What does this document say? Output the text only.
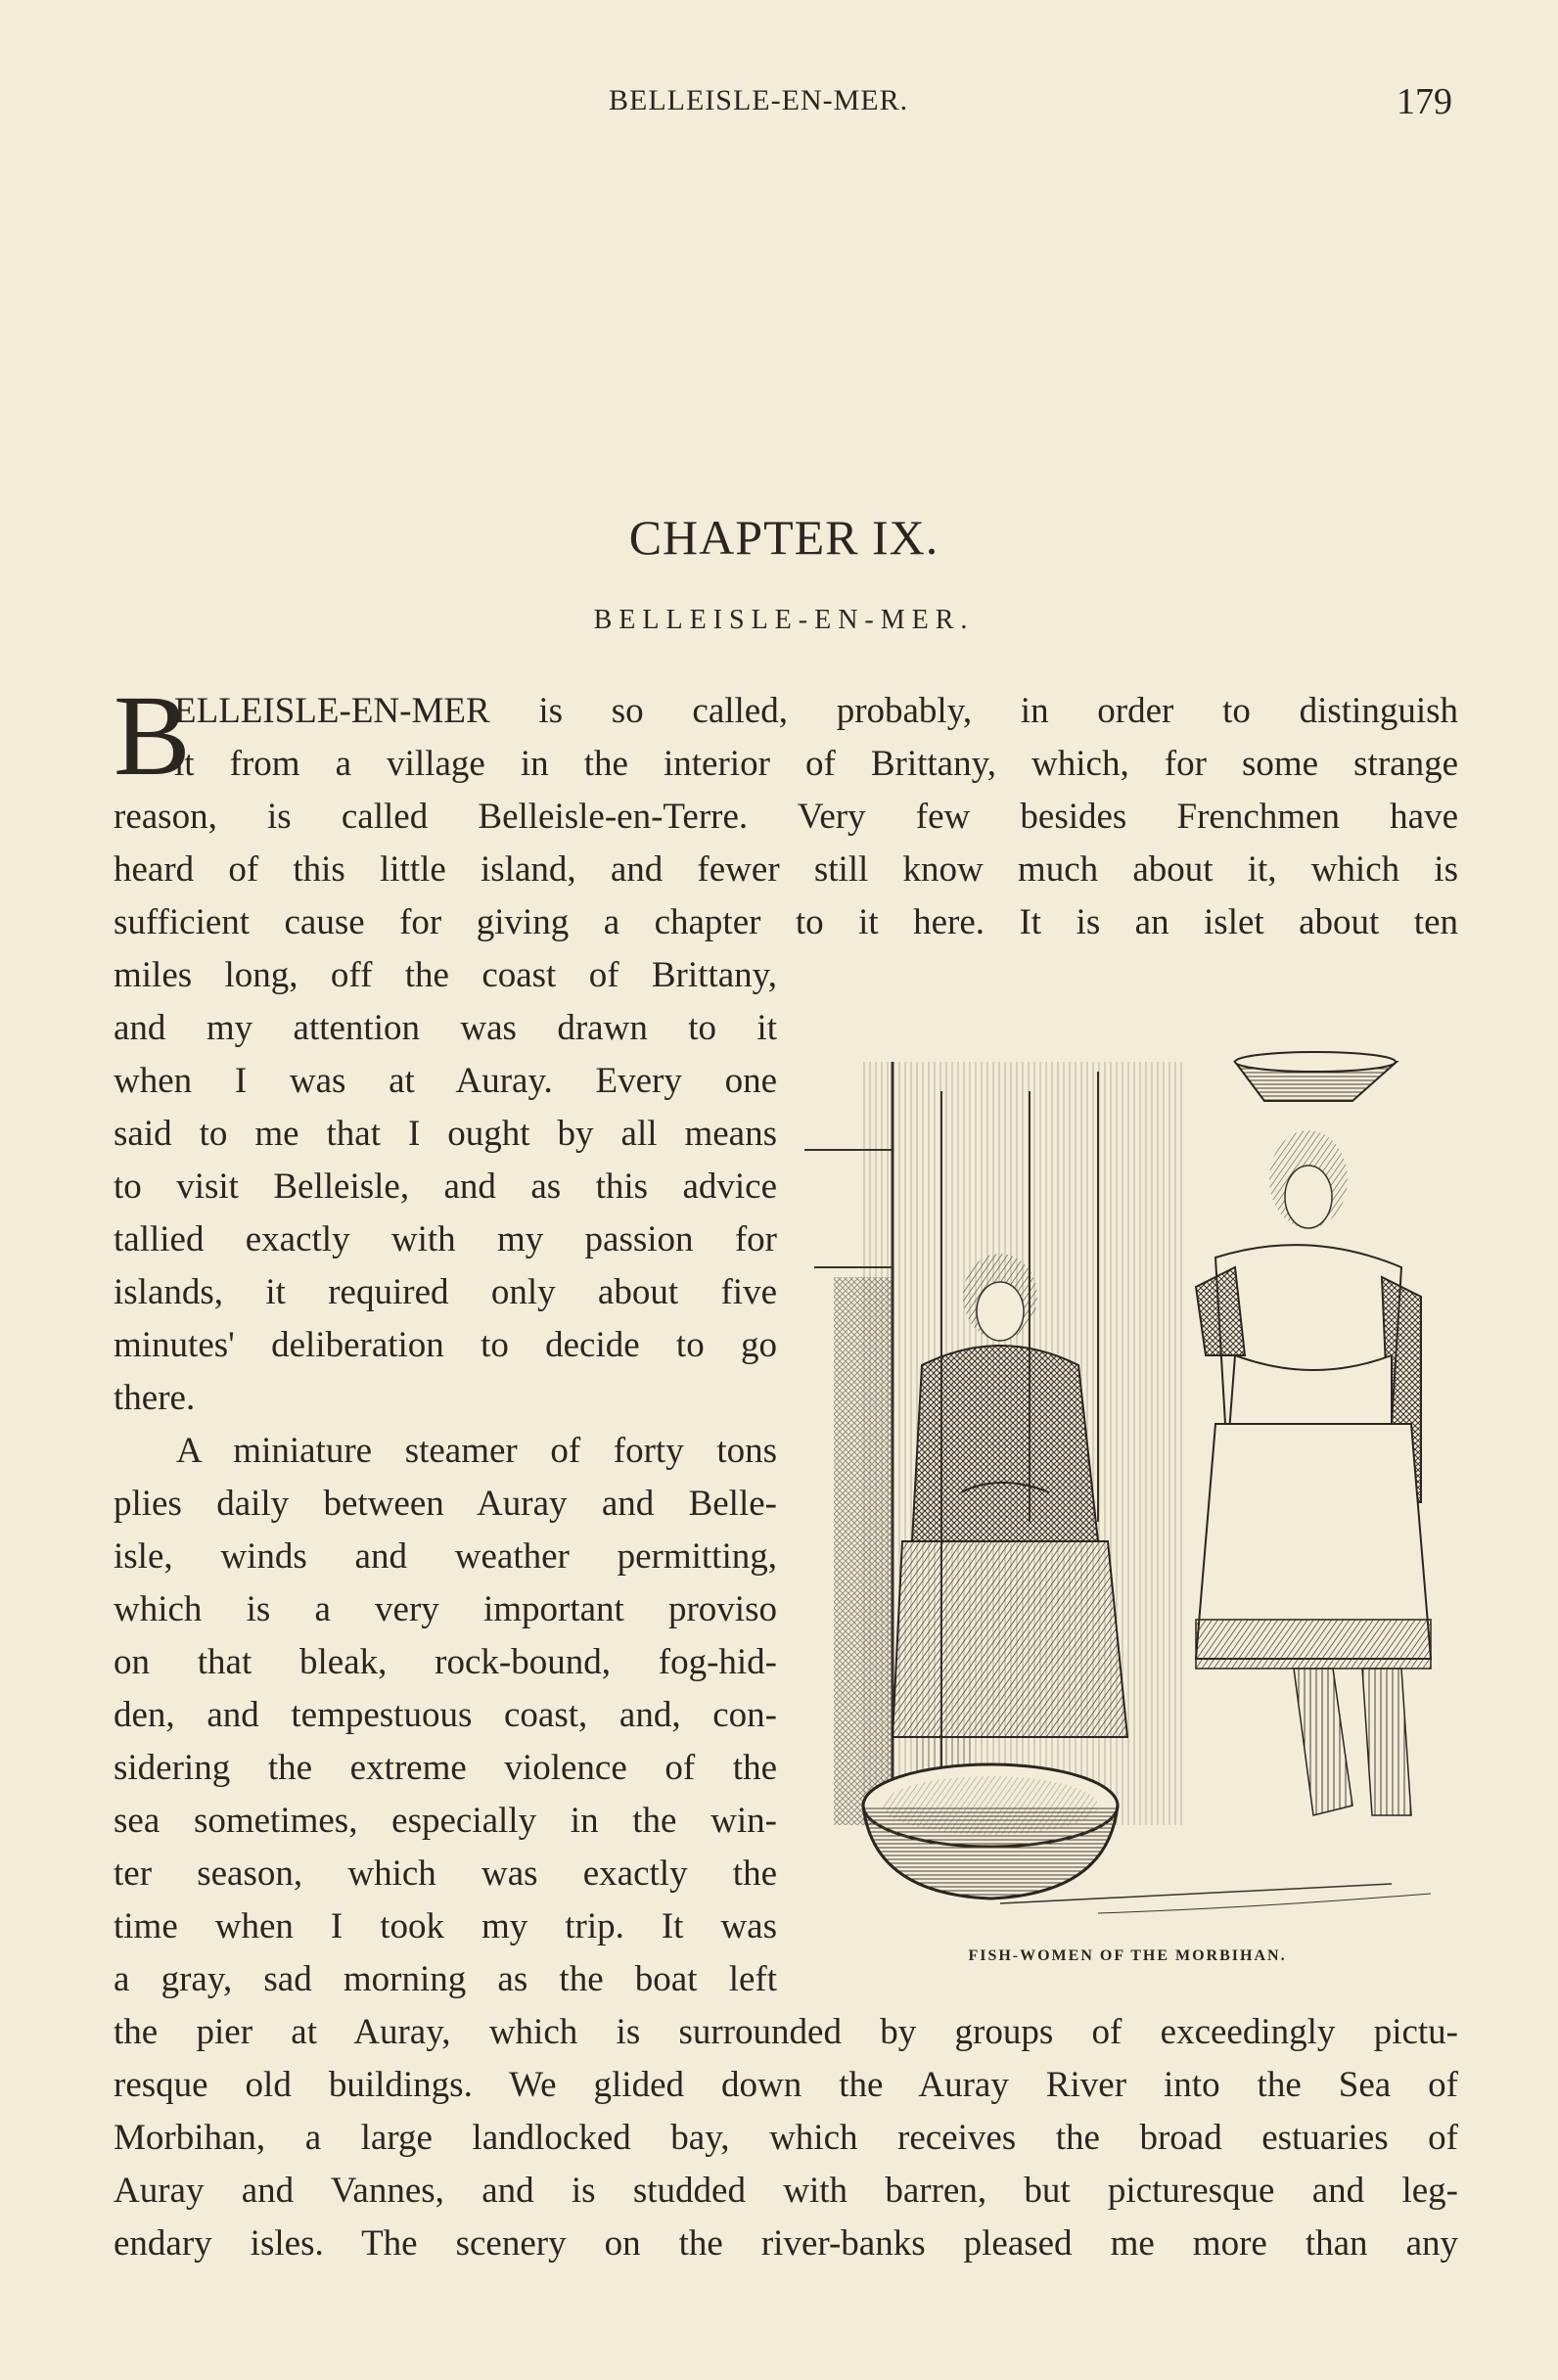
BELLEISLE-EN-MER.	179
CHAPTER IX.
BELLEISLE-EN-MER.
B
ELLEISLE-EN-MER is so called, probably, in order to distinguish
it from a village in the interior of Brittany, which, for some strange
reason, is called Belleisle-en-Terre. Very few besides Frenchmen have
heard of this little island, and fewer still know much about it, which is
sufficient cause for giving a chapter to it here. It is an islet about ten
miles long, off the coast of Brittany,
and my attention was drawn to it
when I was at Auray. Every one
said to me that I ought by all means
to visit Belleisle, and as this advice
tallied exactly with my passion for
islands, it required only about five
minutes' deliberation to decide to go
there.
A miniature steamer of forty tons
plies daily between Auray and Belle-
isle, winds and weather permitting,
which is a very important proviso
on that bleak, rock-bound, fog-hid-
den, and tempestuous coast, and, con-
sidering the extreme violence of the
sea sometimes, especially in the win-
ter season, which was exactly the
time when I took my trip. It was
a gray, sad morning as the boat left
the pier at Auray, which is surrounded by groups of exceedingly pictu-
resque old buildings. We glided down the Auray River into the Sea of
Morbihan, a large landlocked bay, which receives the broad estuaries of
Auray and Vannes, and is studded with barren, but picturesque and leg-
endary isles. The scenery on the river-banks pleased me more than any
FISH-WOMEN OF THE MORBIHAN.
